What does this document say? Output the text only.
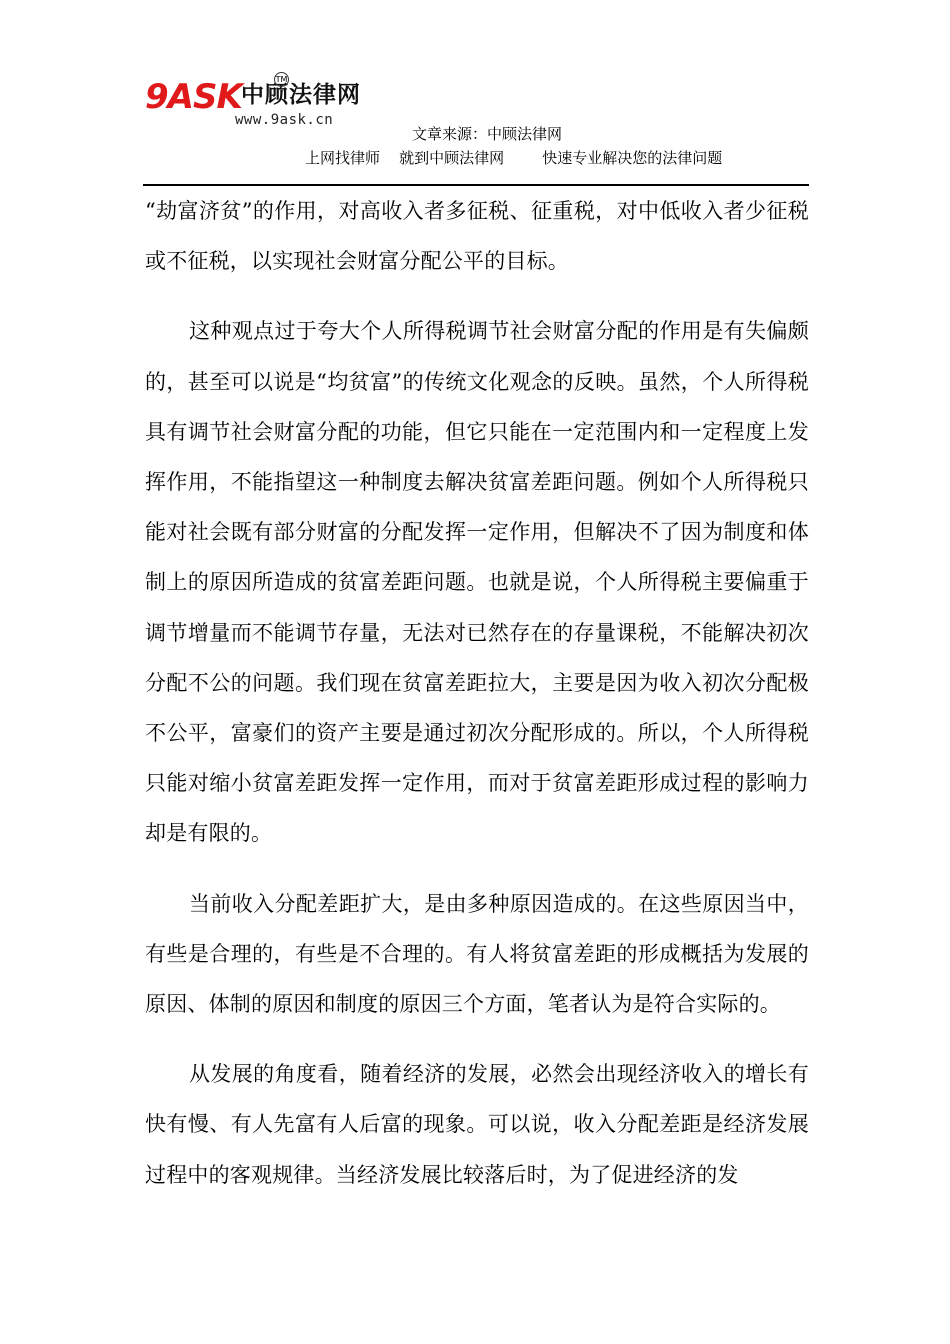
9ASK 中顾法律网
TM
www.9ask.cn
文章来源：中顾法律网
上网找律师    就到中顾法律网        快速专业解决您的法律问题

“劫富济贫”的作用，对高收入者多征税、征重税，对中低收入者少征税或不征税，以实现社会财富分配公平的目标。

这种观点过于夸大个人所得税调节社会财富分配的作用是有失偏颇的，甚至可以说是“均贫富”的传统文化观念的反映。虽然，个人所得税具有调节社会财富分配的功能，但它只能在一定范围内和一定程度上发挥作用，不能指望这一种制度去解决贫富差距问题。例如个人所得税只能对社会既有部分财富的分配发挥一定作用，但解决不了因为制度和体制上的原因所造成的贫富差距问题。也就是说，个人所得税主要偏重于调节增量而不能调节存量，无法对已然存在的存量课税，不能解决初次分配不公的问题。我们现在贫富差距拉大，主要是因为收入初次分配极不公平，富豪们的资产主要是通过初次分配形成的。所以，个人所得税只能对缩小贫富差距发挥一定作用，而对于贫富差距形成过程的影响力却是有限的。

当前收入分配差距扩大，是由多种原因造成的。在这些原因当中，有些是合理的，有些是不合理的。有人将贫富差距的形成概括为发展的原因、体制的原因和制度的原因三个方面，笔者认为是符合实际的。

从发展的角度看，随着经济的发展，必然会出现经济收入的增长有快有慢、有人先富有人后富的现象。可以说，收入分配差距是经济发展过程中的客观规律。当经济发展比较落后时，为了促进经济的发
